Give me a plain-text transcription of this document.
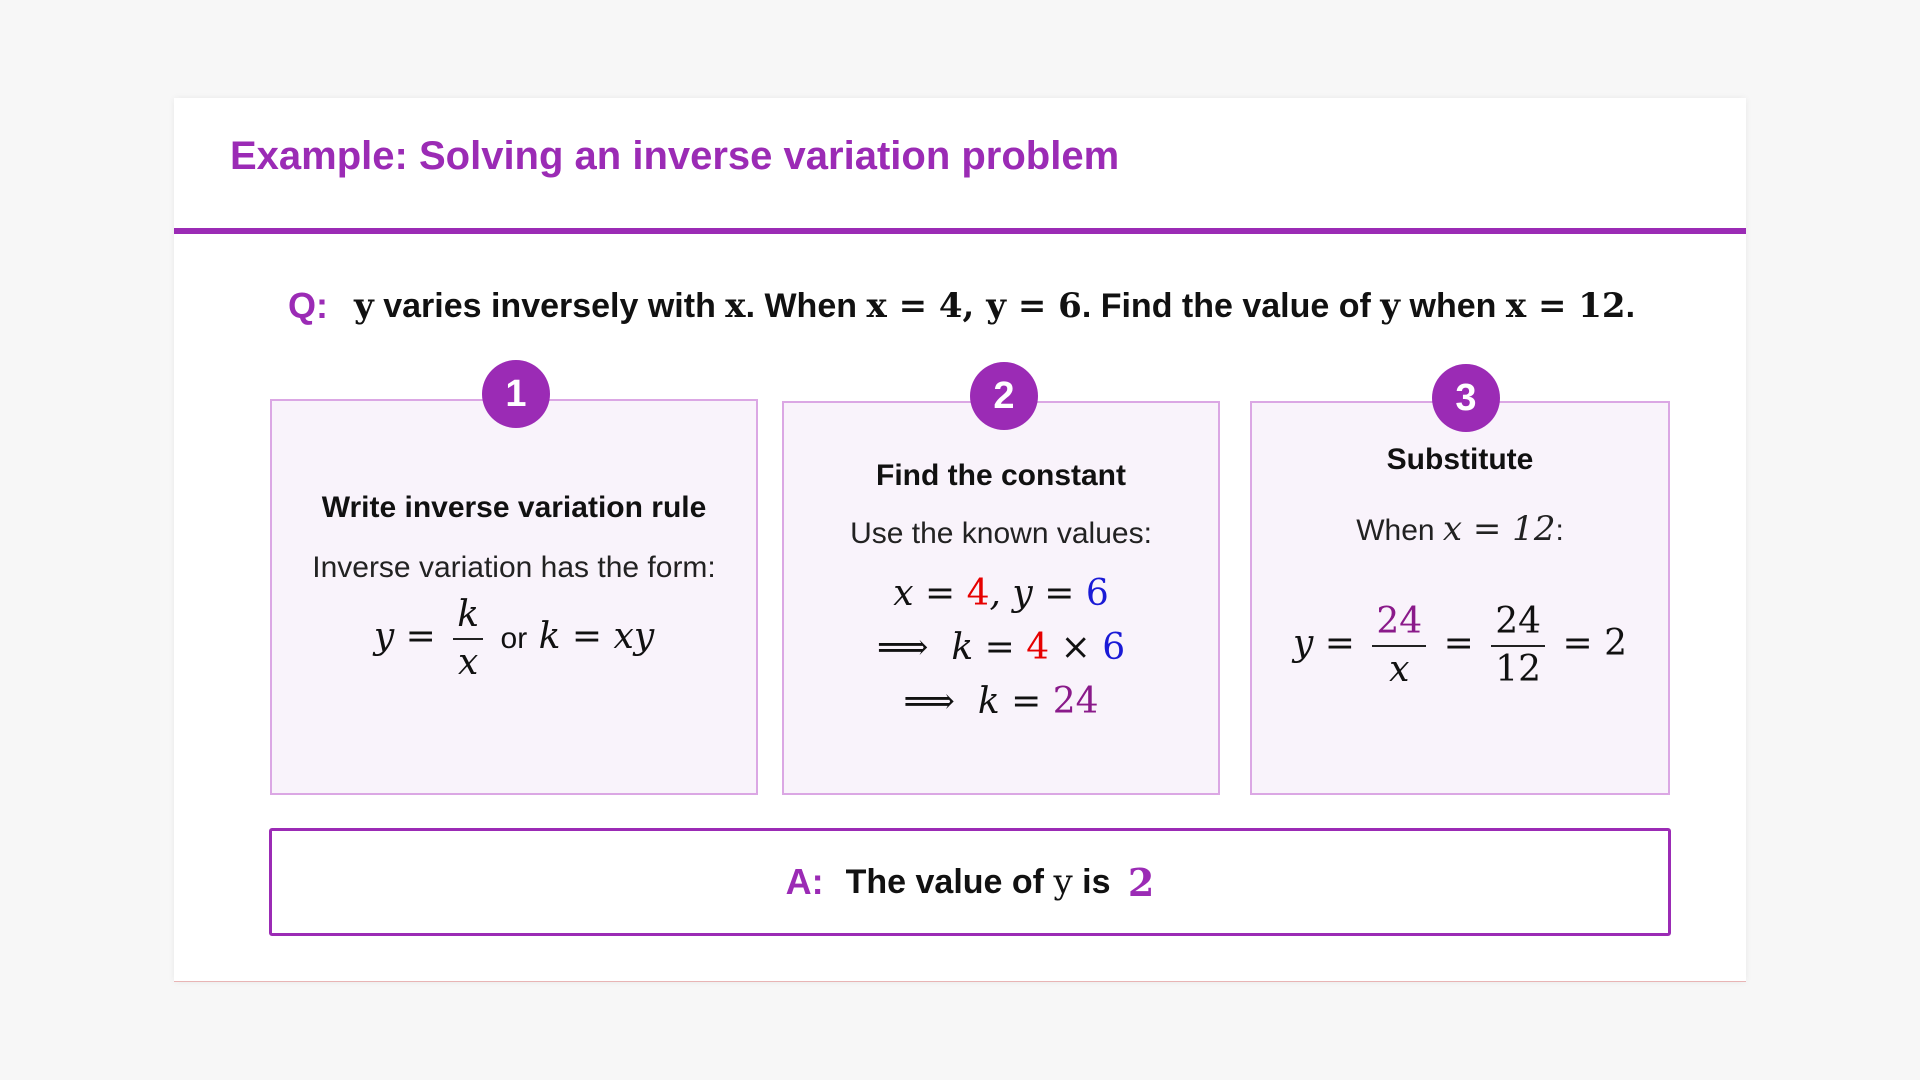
Example: Solving an inverse variation problem
Q: y varies inversely with x . When x = 4, y = 6 . Find the value of y when x = 12 .
Write inverse variation rule
Inverse variation has the form:
$y = \frac{k}{x}$ or k = xy
1
Find the constant
Use the known values:
x = 4, y = 6
⟹  k = 4 × 6
⟹  k = 24
2
Substitute
When x = 12:
$y = \frac{24}{x} = \frac{24}{12} = 2$
3
A: The value of y is 2
